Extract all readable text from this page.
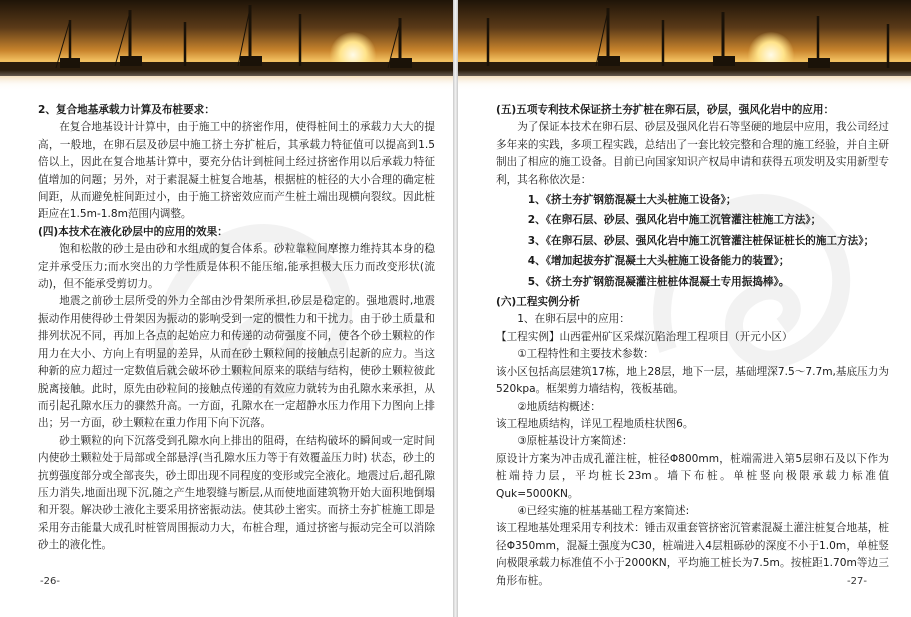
2、复合地基承载力计算及布桩要求：

在复合地基设计计算中，由于施工中的挤密作用，使得桩间土的承载力大大的提高，一般地，在卵石层及砂层中施工挤土夯扩桩后，其承载力特征值可以提高到1.5倍以上，因此在复合地基计算中，要充分估计到桩间土经过挤密作用以后承载力特征值增加的问题；另外，对于素混凝土桩复合地基，根据桩的桩径的大小合理的确定桩间距，从而避免桩间距过小，由于施工挤密效应而产生桩土端出现横向裂纹。因此桩距应在1.5m-1.8m范围内调整。

(四)本技术在液化砂层中的应用的效果：

饱和松散的砂土是由砂和水组成的复合体系。砂粒靠粒间摩擦力维持其本身的稳定并承受压力;而水突出的力学性质是体积不能压缩,能承担极大压力而改变形状(流动)，但不能承受剪切力。

地震之前砂土层所受的外力全部由沙骨架所承担,砂层是稳定的。强地震时,地震振动作用使得砂土骨架因为振动的影响受到一定的惯性力和干扰力。由于砂土质量和排列状况不同，再加上各点的起始应力和传递的动荷强度不同，使各个砂土颗粒的作用力在大小、方向上有明显的差异，从而在砂土颗粒间的接触点引起新的应力。当这种新的应力超过一定数值后就会破坏砂土颗粒间原来的联结与结构，使砂土颗粒彼此脱离接触。此时，原先由砂粒间的接触点传递的有效应力就转为由孔隙水来承担，从而引起孔隙水压力的骤然升高。一方面，孔隙水在一定超静水压力作用下力图向上排出；另一方面，砂土颗粒在重力作用下向下沉落。

砂土颗粒的向下沉落受到孔隙水向上排出的阻碍，在结构破坏的瞬间或一定时间内使砂土颗粒处于局部或全部悬浮(当孔隙水压力等于有效覆盖压力时) 状态，砂土的抗剪强度部分或全部丧失，砂土即出现不同程度的变形或完全液化。地震过后,超孔隙压力消失,地面出现下沉,随之产生地裂缝与断层,从而使地面建筑物开始大面积地倒塌和开裂。解决砂土液化主要采用挤密振动法。使其砂土密实。而挤土夯扩桩施工即是采用夯击能量大成孔时桩管周围振动力大，布桩合理，通过挤密与振动完全可以消除砂土的液化性。

-26-

(五)五项专利技术保证挤土夯扩桩在卵石层，砂层，强风化岩中的应用：

为了保证本技术在卵石层、砂层及强风化岩石等坚硬的地层中应用，我公司经过多年来的实践，多项工程实践，总结出了一套比较完整和合理的施工经验，并自主研制出了相应的施工设备。目前已向国家知识产权局申请和获得五项发明及实用新型专利，其名称依次是：

1、《挤土夯扩钢筋混凝土大头桩施工设备》；

2、《在卵石层、砂层、强风化岩中施工沉管灌注桩施工方法》；

3、《在卵石层、砂层、强风化岩中施工沉管灌注桩保证桩长的施工方法》；

4、《增加起拔夯扩混凝土大头桩施工设备能力的装置》；

5、《挤土夯扩钢筋混凝灌注桩桩体混凝土专用振捣棒》。

(六)工程实例分析

1、在卵石层中的应用：

【工程实例】山西霍州矿区采煤沉陷治理工程项目（开元小区）

①工程特性和主要技术参数：

该小区包括高层建筑17栋，地上28层，地下一层，基础埋深7.5～7.7m,基底压力为520kpa。框架剪力墙结构，筏板基础。

②地质结构概述：

该工程地质结构，详见工程地质柱状图6。

③原桩基设计方案简述：

原设计方案为冲击成孔灌注桩，桩径Φ800mm，桩端需进入第5层卵石及以下作为桩端持力层，平均桩长23m。墙下布桩。单桩竖向极限承载力标准值Quk=5000KN。

④已经实施的桩基基础工程方案简述:

该工程地基处理采用专利技术：锤击双重套管挤密沉管素混凝土灌注桩复合地基，桩径Φ350mm，混凝土强度为C30，桩端进入4层粗砾砂的深度不小于1.0m，单桩竖向极限承载力标准值不小于2000KN，平均施工桩长为7.5m。按桩距1.70m等边三角形布桩。	-27-
